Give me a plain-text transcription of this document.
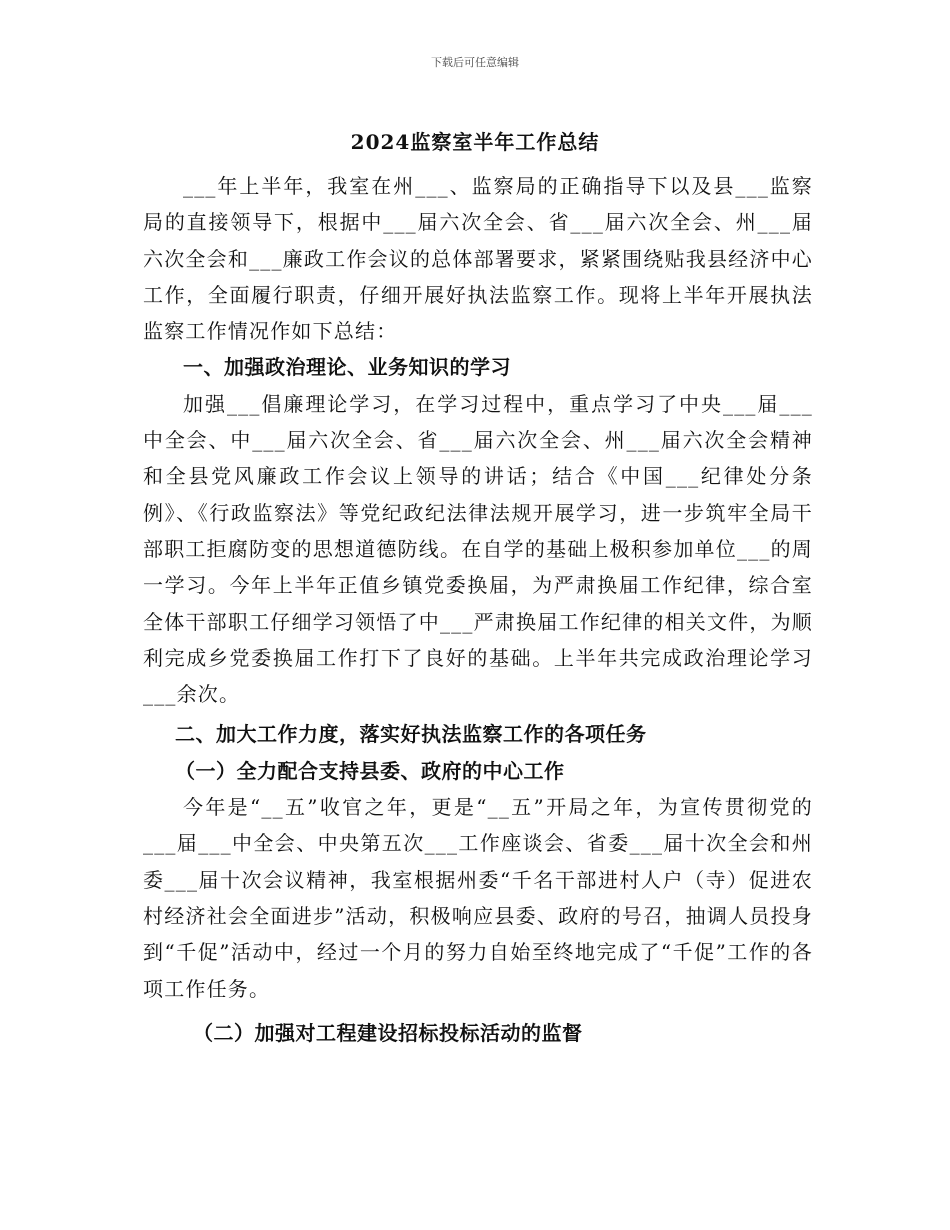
下载后可任意编辑
2024监察室半年工作总结

___年上半年，我室在州___、监察局的正确指导下以及县___监察局的直接领导下，根据中___届六次全会、省___届六次全会、州___届六次全会和___廉政工作会议的总体部署要求，紧紧围绕贴我县经济中心工作，全面履行职责，仔细开展好执法监察工作。现将上半年开展执法监察工作情况作如下总结：

一、加强政治理论、业务知识的学习

加强___倡廉理论学习，在学习过程中，重点学习了中央___届___中全会、中___届六次全会、省___届六次全会、州___届六次全会精神和全县党风廉政工作会议上领导的讲话；结合《中国___纪律处分条例》、《行政监察法》等党纪政纪法律法规开展学习，进一步筑牢全局干部职工拒腐防变的思想道德防线。在自学的基础上极积参加单位___的周一学习。今年上半年正值乡镇党委换届，为严肃换届工作纪律，综合室全体干部职工仔细学习领悟了中___严肃换届工作纪律的相关文件，为顺利完成乡党委换届工作打下了良好的基础。上半年共完成政治理论学习___余次。

二、加大工作力度，落实好执法监察工作的各项任务

（一）全力配合支持县委、政府的中心工作

今年是“__五”收官之年，更是“__五”开局之年，为宣传贯彻党的___届___中全会、中央第五次___工作座谈会、省委___届十次全会和州委___届十次会议精神，我室根据州委“千名干部进村人户（寺）促进农村经济社会全面进步”活动，积极响应县委、政府的号召，抽调人员投身到“千促”活动中，经过一个月的努力自始至终地完成了“千促”工作的各项工作任务。

（二）加强对工程建设招标投标活动的监督
